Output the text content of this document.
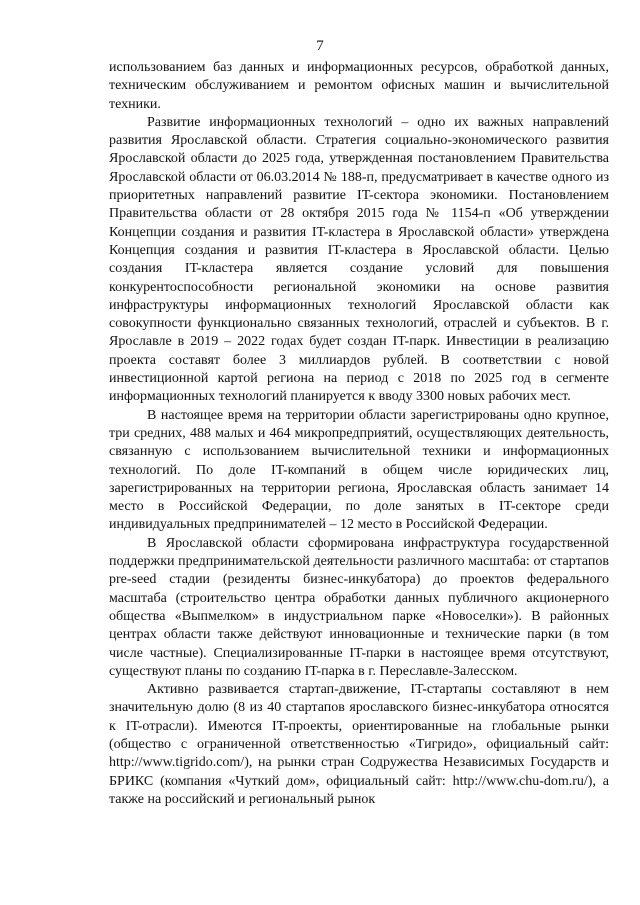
7

использованием баз данных и информационных ресурсов, обработкой данных, техническим обслуживанием и ремонтом офисных машин и вычислительной техники.

Развитие информационных технологий – одно их важных направлений развития Ярославской области. Стратегия социально-экономического развития Ярославской области до 2025 года, утвержденная постановлением Правительства Ярославской области от 06.03.2014 № 188-п, предусматривает в качестве одного из приоритетных направлений развитие IT-сектора экономики. Постановлением Правительства области от 28 октября 2015 года № 1154-п «Об утверждении Концепции создания и развития IT-кластера в Ярославской области» утверждена Концепция создания и развития IT-кластера в Ярославской области. Целью создания IT-кластера является создание условий для повышения конкурентоспособности региональной экономики на основе развития инфраструктуры информационных технологий Ярославской области как совокупности функционально связанных технологий, отраслей и субъектов. В г. Ярославле в 2019 – 2022 годах будет создан IT-парк. Инвестиции в реализацию проекта составят более 3 миллиардов рублей. В соответствии с новой инвестиционной картой региона на период с 2018 по 2025 год в сегменте информационных технологий планируется к вводу 3300 новых рабочих мест.

В настоящее время на территории области зарегистрированы одно крупное, три средних, 488 малых и 464 микропредприятий, осуществляющих деятельность, связанную с использованием вычислительной техники и информационных технологий. По доле IT-компаний в общем числе юридических лиц, зарегистрированных на территории региона, Ярославская область занимает 14 место в Российской Федерации, по доле занятых в IT-секторе среди индивидуальных предпринимателей – 12 место в Российской Федерации.

В Ярославской области сформирована инфраструктура государственной поддержки предпринимательской деятельности различного масштаба: от стартапов pre-seed стадии (резиденты бизнес-инкубатора) до проектов федерального масштаба (строительство центра обработки данных публичного акционерного общества «Выпмелком» в индустриальном парке «Новоселки»). В районных центрах области также действуют инновационные и технические парки (в том числе частные). Специализированные IT-парки в настоящее время отсутствуют, существуют планы по созданию IT-парка в г. Переславле-Залесском.

Активно развивается стартап-движение, IT-стартапы составляют в нем значительную долю (8 из 40 стартапов ярославского бизнес-инкубатора относятся к IT-отрасли). Имеются IT-проекты, ориентированные на глобальные рынки (общество с ограниченной ответственностью «Тигридо», официальный сайт: http://www.tigrido.com/), на рынки стран Содружества Независимых Государств и БРИКС (компания «Чуткий дом», официальный сайт: http://www.chu-dom.ru/), а также на российский и региональный рынок
